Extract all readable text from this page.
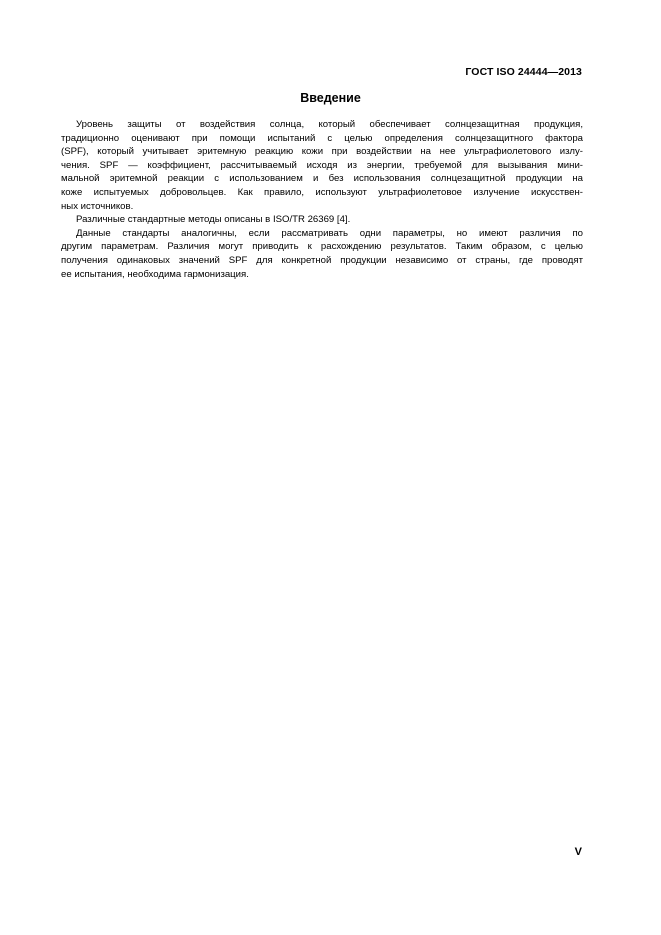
ГОСТ ISO 24444—2013
Введение
Уровень защиты от воздействия солнца, который обеспечивает солнцезащитная продукция,
традиционно оценивают при помощи испытаний с целью определения солнцезащитного фактора
(SPF), который учитывает эритемную реакцию кожи при воздействии на нее ультрафиолетового излу-
чения. SPF — коэффициент, рассчитываемый исходя из энергии, требуемой для вызывания мини-
мальной эритемной реакции с использованием и без использования солнцезащитной продукции на
коже испытуемых добровольцев. Как правило, используют ультрафиолетовое излучение искусствен-
ных источников.
Различные стандартные методы описаны в ISO/TR 26369 [4].
Данные стандарты аналогичны, если рассматривать одни параметры, но имеют различия по
другим параметрам. Различия могут приводить к расхождению результатов. Таким образом, с целью
получения одинаковых значений SPF для конкретной продукции независимо от страны, где проводят
ее испытания, необходима гармонизация.
V
